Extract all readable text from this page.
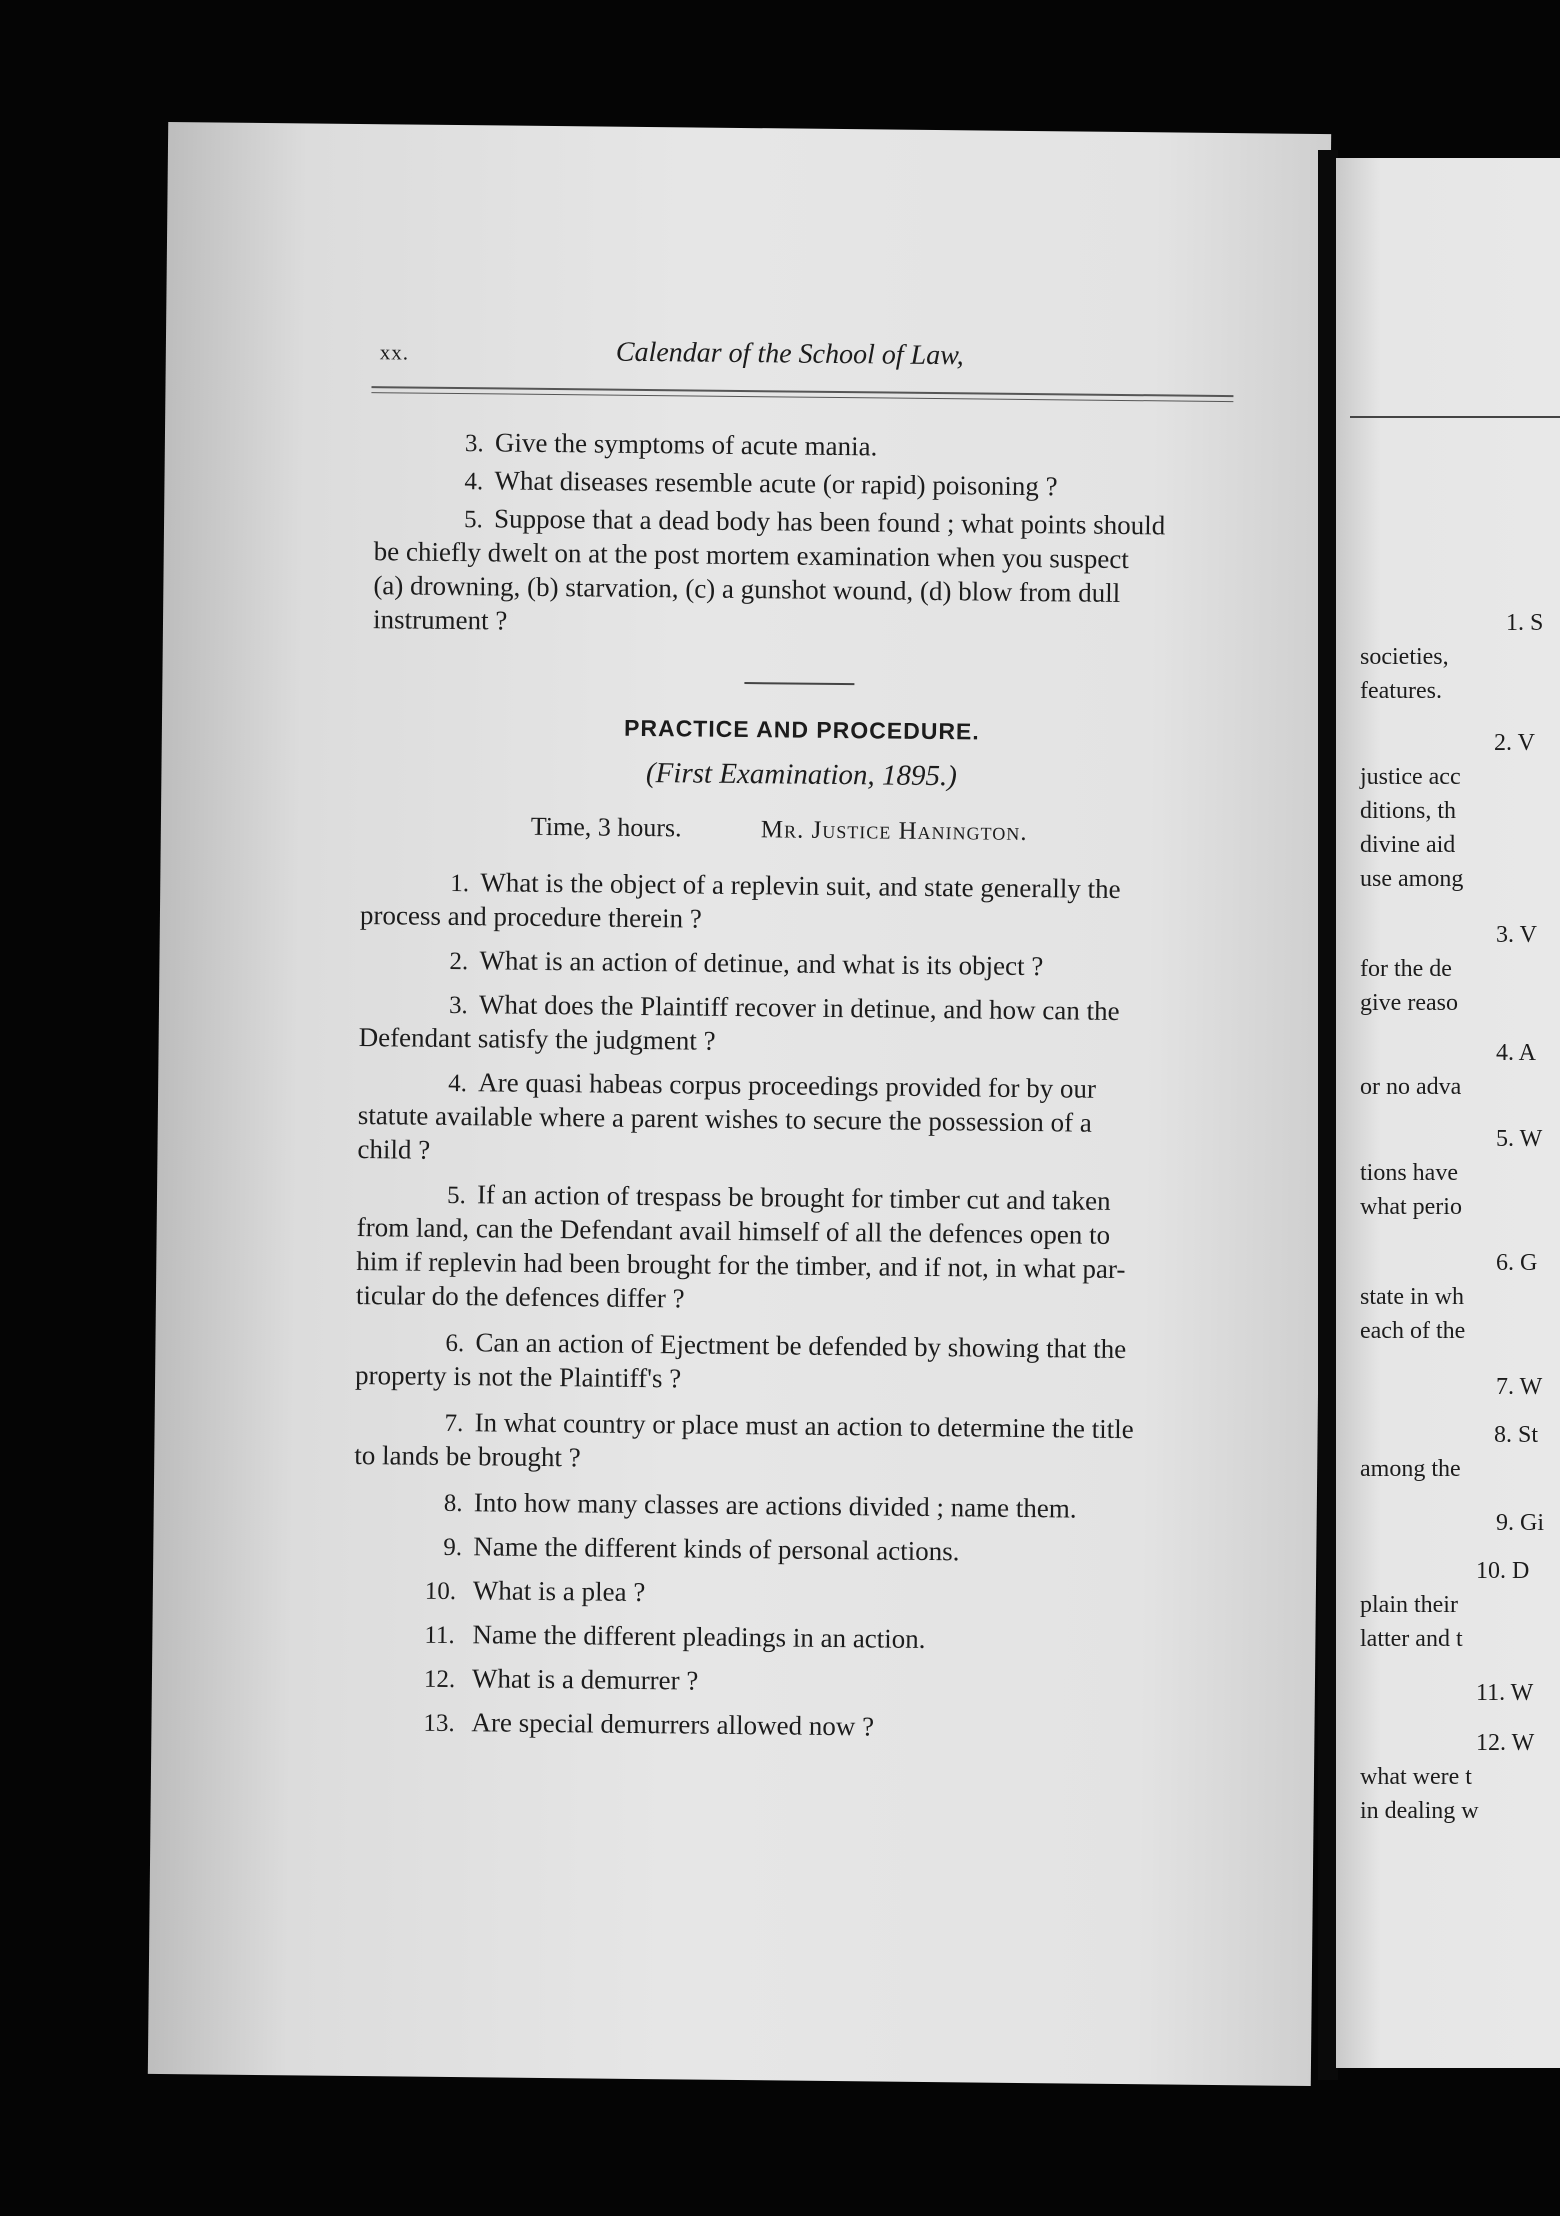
xx.	Calendar of the School of Law,
3. Give the symptoms of acute mania.
4. What diseases resemble acute (or rapid) poisoning ?
5. Suppose that a dead body has been found ; what points should
be chiefly dwelt on at the post mortem examination when you suspect
(a) drowning, (b) starvation, (c) a gunshot wound, (d) blow from dull
instrument ?
PRACTICE AND PROCEDURE.
(First Examination, 1895.)
Time, 3 hours.	Mr. Justice Hanington.
1. What is the object of a replevin suit, and state generally the
process and procedure therein ?
2. What is an action of detinue, and what is its object ?
3. What does the Plaintiff recover in detinue, and how can the
Defendant satisfy the judgment ?
4. Are quasi habeas corpus proceedings provided for by our
statute available where a parent wishes to secure the possession of a
child ?
5. If an action of trespass be brought for timber cut and taken
from land, can the Defendant avail himself of all the defences open to
him if replevin had been brought for the timber, and if not, in what par-
ticular do the defences differ ?
6. Can an action of Ejectment be defended by showing that the
property is not the Plaintiff's ?
7. In what country or place must an action to determine the title
to lands be brought ?
8. Into how many classes are actions divided ; name them.
9. Name the different kinds of personal actions.
10. What is a plea ?
11. Name the different pleadings in an action.
12. What is a demurrer ?
13. Are special demurrers allowed now ?
1. S
societies,
features.
2. V
justice acc
ditions, th
divine aid
use among
3. V
for the de
give reaso
4. A
or no adva
5. W
tions have
what perio
6. G
state in wh
each of the
7. W
8. St
among the
9. Gi
10. D
plain their
latter and t
11. W
12. W
what were t
in dealing w
